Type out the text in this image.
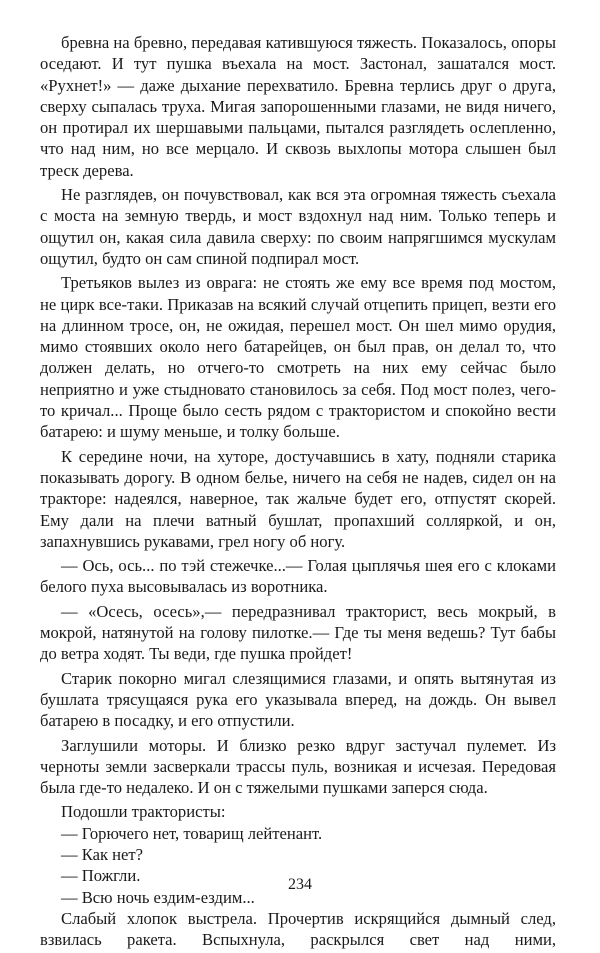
бревна на бревно, передавая катившуюся тяжесть. Показалось, опоры оседают. И тут пушка въехала на мост. Застонал, зашатался мост. «Рухнет!» — даже дыхание перехватило. Бревна терлись друг о друга, сверху сыпалась труха. Мигая запорошенными глазами, не видя ничего, он протирал их шершавыми пальцами, пытался разглядеть ослепленно, что над ним, но все мерцало. И сквозь выхлопы мотора слышен был треск дерева.

Не разглядев, он почувствовал, как вся эта огромная тяжесть съехала с моста на земную твердь, и мост вздохнул над ним. Только теперь и ощутил он, какая сила давила сверху: по своим напрягшимся мускулам ощутил, будто он сам спиной подпирал мост.

Третьяков вылез из оврага: не стоять же ему все время под мостом, не цирк все-таки. Приказав на всякий случай отцепить прицеп, везти его на длинном тросе, он, не ожидая, перешел мост. Он шел мимо орудия, мимо стоявших около него батарейцев, он был прав, он делал то, что должен делать, но отчего-то смотреть на них ему сейчас было неприятно и уже стыдновато становилось за себя. Под мост полез, чего-то кричал... Проще было сесть рядом с трактористом и спокойно вести батарею: и шуму меньше, и толку больше.

К середине ночи, на хуторе, достучавшись в хату, подняли старика показывать дорогу. В одном белье, ничего на себя не надев, сидел он на тракторе: надеялся, наверное, так жальче будет его, отпустят скорей. Ему дали на плечи ватный бушлат, пропахший солляркой, и он, запахнувшись рукавами, грел ногу об ногу.

— Ось, ось... по тэй стежечке...— Голая цыплячья шея его с клоками белого пуха высовывалась из воротника.

— «Осесь, осесь»,— передразнивал тракторист, весь мокрый, в мокрой, натянутой на голову пилотке.— Где ты меня ведешь? Тут бабы до ветра ходят. Ты веди, где пушка пройдет!

Старик покорно мигал слезящимися глазами, и опять вытянутая из бушлата трясущаяся рука его указывала вперед, на дождь. Он вывел батарею в посадку, и его отпустили.

Заглушили моторы. И близко резко вдруг застучал пулемет. Из черноты земли засверкали трассы пуль, возникая и исчезая. Передовая была где-то недалеко. И он с тяжелыми пушками заперся сюда.

Подошли трактористы:

— Горючего нет, товарищ лейтенант.

— Как нет?

— Пожгли.

— Всю ночь ездим-ездим...

Слабый хлопок выстрела. Прочертив искрящийся дымный след, взвилась ракета. Вспыхнула, раскрылся свет над ними,

234
